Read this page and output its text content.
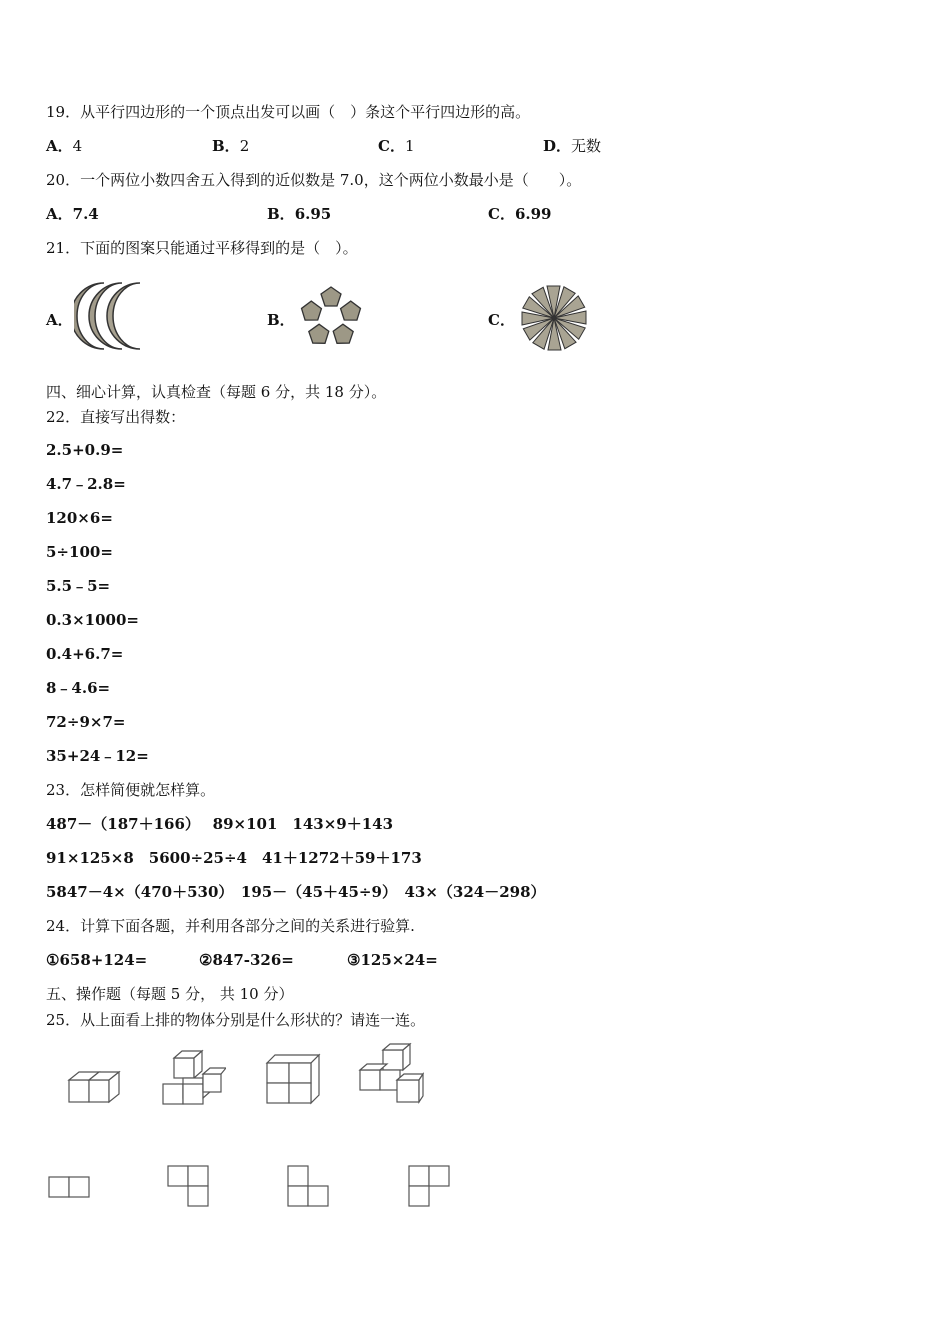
19．从平行四边形的一个顶点出发可以画（　）条这个平行四边形的高。
A．4	B．2	C．1	D．无数
20．一个两位小数四舍五入得到的近似数是 7.0，这个两位小数最小是（　　）。
A．7.4	B．6.95	C．6.99
21．下面的图案只能通过平移得到的是（　）。
A．	B．	C．
四、细心计算，认真检查（每题 6 分，共 18 分）。
22．直接写出得数：
2.5+0.9=
4.7﹣2.8=
120×6=
5÷100=
5.5﹣5=
0.3×1000=
0.4+6.7=
8﹣4.6=
72÷9×7=
35+24﹣12=
23．怎样简便就怎样算。
487－（187＋166）　 89×101　143×9＋143
91×125×8　5600÷25÷4　41＋1272＋59＋173
5847－4×（470＋530）　195－（45＋45÷9）　43×（324－298）
24．计算下面各题，并利用各部分之间的关系进行验算.
①658+124=	②847-326=	③125×24=
五、操作题（每题 5 分， 共 10 分）
25．从上面看上排的物体分别是什么形状的？请连一连。
